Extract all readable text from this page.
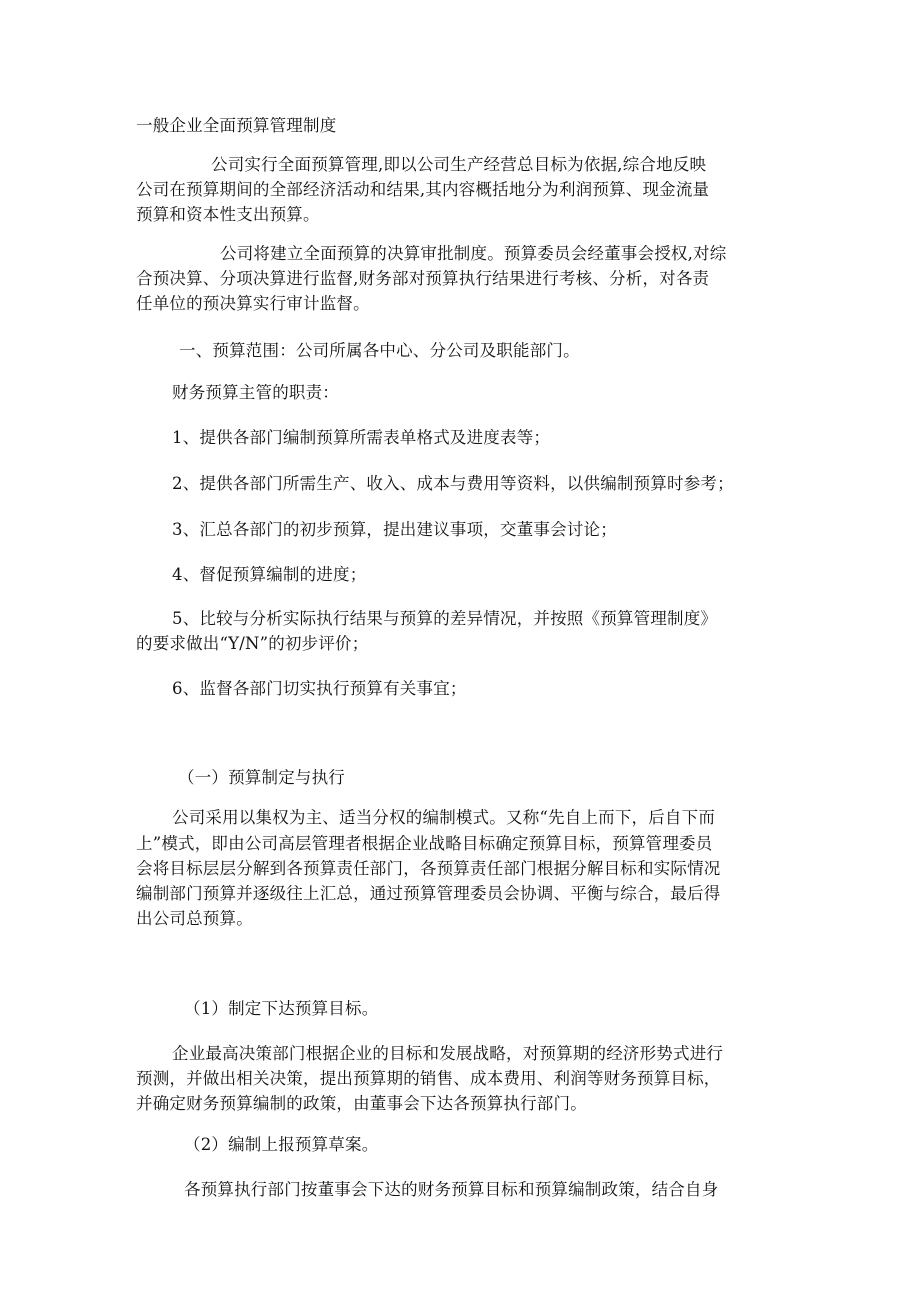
一般企业全面预算管理制度
公司实行全面预算管理,即以公司生产经营总目标为依据,综合地反映
公司在预算期间的全部经济活动和结果,其内容概括地分为利润预算、现金流量
预算和资本性支出预算。
公司将建立全面预算的决算审批制度。预算委员会经董事会授权,对综
合预决算、分项决算进行监督,财务部对预算执行结果进行考核、分析，对各责
任单位的预决算实行审计监督。
一、预算范围：公司所属各中心、分公司及职能部门。
财务预算主管的职责：
1、提供各部门编制预算所需表单格式及进度表等；
2、提供各部门所需生产、收入、成本与费用等资料，以供编制预算时参考；
3、汇总各部门的初步预算，提出建议事项，交董事会讨论；
4、督促预算编制的进度；
5、比较与分析实际执行结果与预算的差异情况，并按照《预算管理制度》
的要求做出“Y/N”的初步评价；
6、监督各部门切实执行预算有关事宜；
（一）预算制定与执行
公司采用以集权为主、适当分权的编制模式。又称“先自上而下，后自下而
上”模式，即由公司高层管理者根据企业战略目标确定预算目标，预算管理委员
会将目标层层分解到各预算责任部门，各预算责任部门根据分解目标和实际情况
编制部门预算并逐级往上汇总，通过预算管理委员会协调、平衡与综合，最后得
出公司总预算。
（1）制定下达预算目标。
企业最高决策部门根据企业的目标和发展战略，对预算期的经济形势式进行
预测，并做出相关决策，提出预算期的销售、成本费用、利润等财务预算目标，
并确定财务预算编制的政策，由董事会下达各预算执行部门。
（2）编制上报预算草案。
各预算执行部门按董事会下达的财务预算目标和预算编制政策，结合自身
